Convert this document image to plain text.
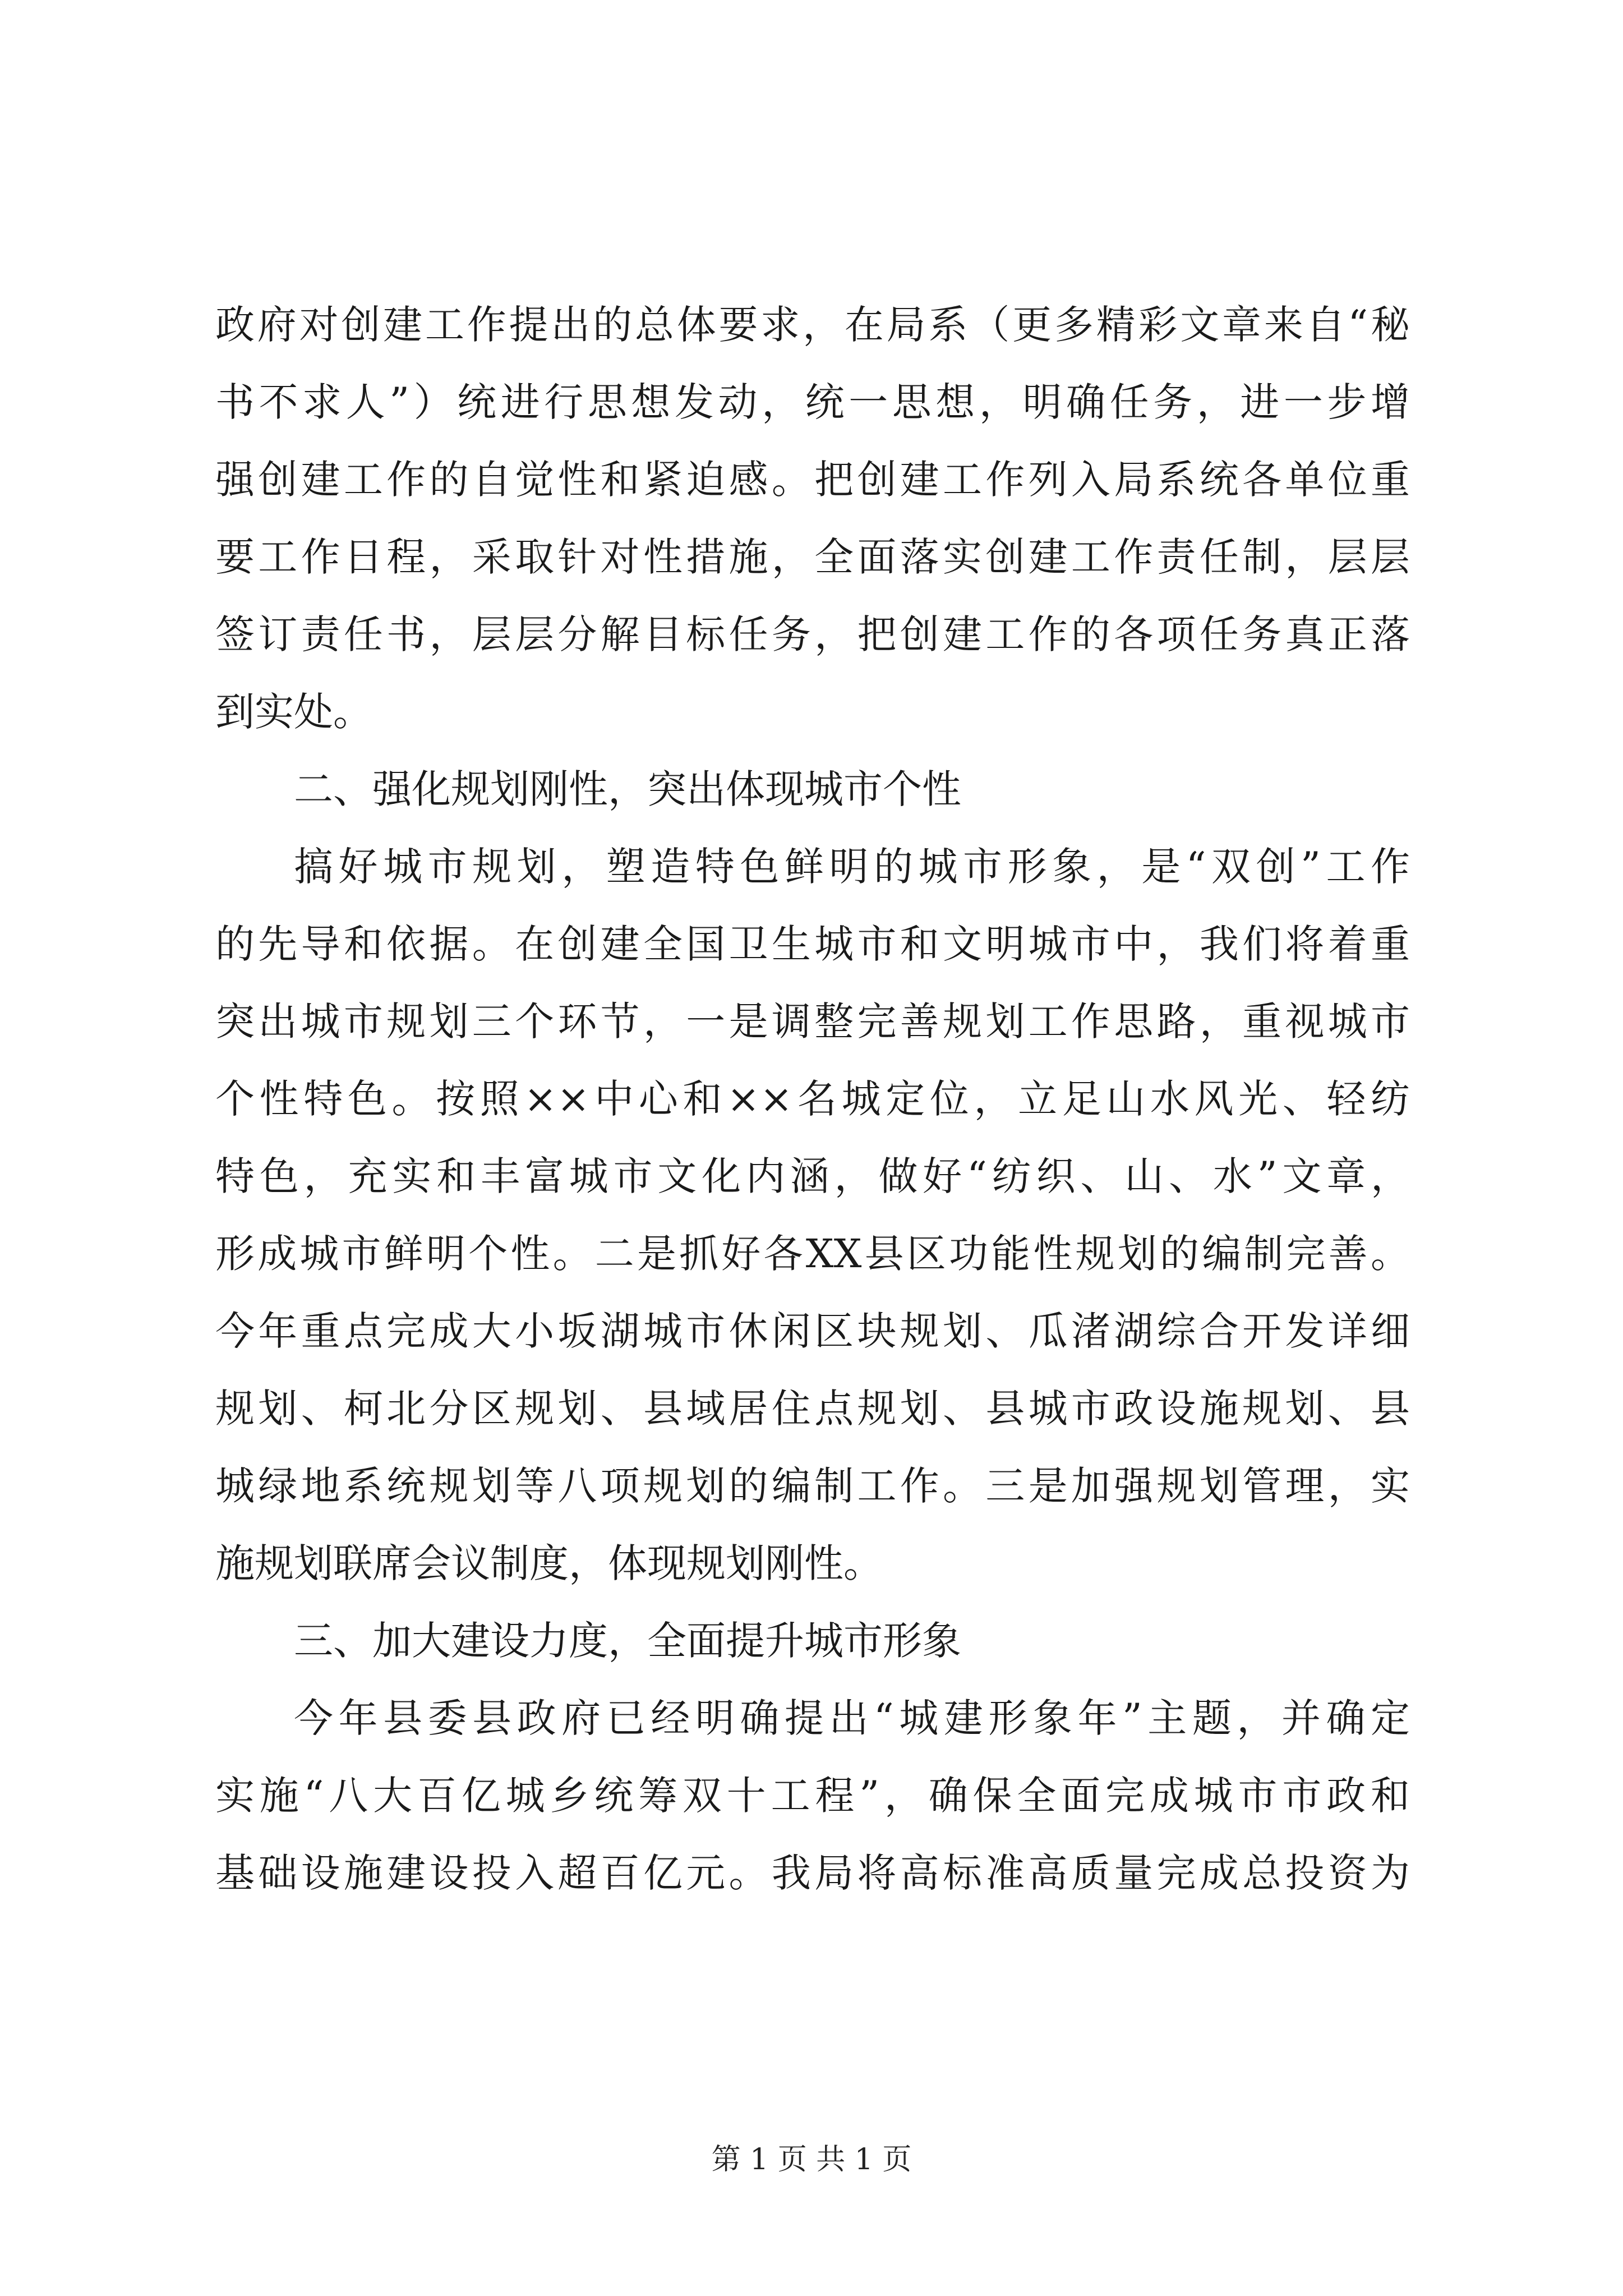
政府对创建工作提出的总体要求，在局系（更多精彩文章来自“秘
书不求人”）统进行思想发动，统一思想，明确任务，进一步增
强创建工作的自觉性和紧迫感。把创建工作列入局系统各单位重
要工作日程，采取针对性措施，全面落实创建工作责任制，层层
签订责任书，层层分解目标任务，把创建工作的各项任务真正落
到实处。
二、强化规划刚性，突出体现城市个性
搞好城市规划，塑造特色鲜明的城市形象，是“双创”工作
的先导和依据。在创建全国卫生城市和文明城市中，我们将着重
突出城市规划三个环节，一是调整完善规划工作思路，重视城市
个性特色。按照××中心和××名城定位，立足山水风光、轻纺
特色，充实和丰富城市文化内涵，做好“纺织、山、水”文章，
形成城市鲜明个性。二是抓好各XX县区功能性规划的编制完善。
今年重点完成大小坂湖城市休闲区块规划、瓜渚湖综合开发详细
规划、柯北分区规划、县域居住点规划、县城市政设施规划、县
城绿地系统规划等八项规划的编制工作。三是加强规划管理，实
施规划联席会议制度，体现规划刚性。
三、加大建设力度，全面提升城市形象
今年县委县政府已经明确提出“城建形象年”主题，并确定
实施“八大百亿城乡统筹双十工程”，确保全面完成城市市政和
基础设施建设投入超百亿元。我局将高标准高质量完成总投资为
第 1 页 共 1 页
